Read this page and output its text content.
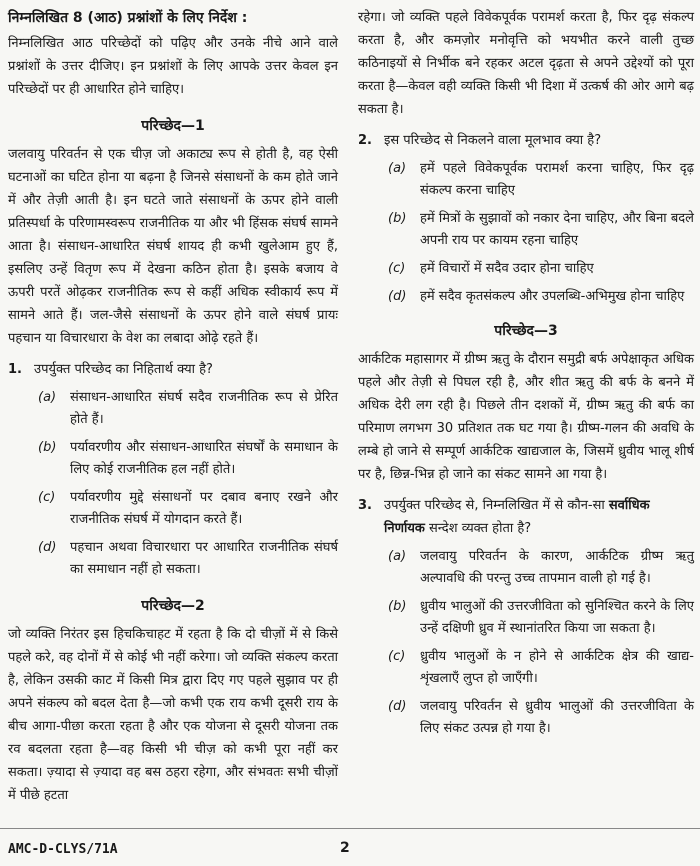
निम्नलिखित 8 (आठ) प्रश्नांशों के लिए निर्देश :

निम्नलिखित आठ परिच्छेदों को पढ़िए और उनके नीचे आने वाले प्रश्नांशों के उत्तर दीजिए। इन प्रश्नांशों के लिए आपके उत्तर केवल इन परिच्छेदों पर ही आधारित होने चाहिए।

परिच्छेद—1

जलवायु परिवर्तन से एक चीज़ जो अकाट्य रूप से होती है, वह ऐसी घटनाओं का घटित होना या बढ़ना है जिनसे संसाधनों के कम होते जाने में और तेज़ी आती है। इन घटते जाते संसाधनों के ऊपर होने वाली प्रतिस्पर्धा के परिणामस्वरूप राजनीतिक या और भी हिंसक संघर्ष सामने आता है। संसाधन-आधारित संघर्ष शायद ही कभी खुलेआम हुए हैं, इसलिए उन्हें वितृण रूप में देखना कठिन होता है। इसके बजाय वे ऊपरी परतें ओढ़कर राजनीतिक रूप से कहीं अधिक स्वीकार्य रूप में सामने आते हैं। जल-जैसे संसाधनों के ऊपर होने वाले संघर्ष प्रायः पहचान या विचारधारा के वेश का लबादा ओढ़े रहते हैं।

1. उपर्युक्त परिच्छेद का निहितार्थ क्या है?
(a)	संसाधन-आधारित संघर्ष सदैव राजनीतिक रूप से प्रेरित होते हैं।
(b)	पर्यावरणीय और संसाधन-आधारित संघर्षों के समाधान के लिए कोई राजनीतिक हल नहीं होते।
(c)	पर्यावरणीय मुद्दे संसाधनों पर दबाव बनाए रखने और राजनीतिक संघर्ष में योगदान करते हैं।
(d)	पहचान अथवा विचारधारा पर आधारित राजनीतिक संघर्ष का समाधान नहीं हो सकता।

परिच्छेद—2

जो व्यक्ति निरंतर इस हिचकिचाहट में रहता है कि दो चीज़ों में से किसे पहले करे, वह दोनों में से कोई भी नहीं करेगा। जो व्यक्ति संकल्प करता है, लेकिन उसकी काट में किसी मित्र द्वारा दिए गए पहले सुझाव पर ही अपने संकल्प को बदल देता है—जो कभी एक राय कभी दूसरी राय के बीच आगा-पीछा करता रहता है और एक योजना से दूसरी योजना तक रव बदलता रहता है—वह किसी भी चीज़ को कभी पूरा नहीं कर सकता। ज़्यादा से ज़्यादा वह बस ठहरा रहेगा, और संभवतः सभी चीज़ों में पीछे हटता

रहेगा। जो व्यक्ति पहले विवेकपूर्वक परामर्श करता है, फिर दृढ़ संकल्प करता है, और कमज़ोर मनोवृत्ति को भयभीत करने वाली तुच्छ कठिनाइयों से निर्भीक बने रहकर अटल दृढ़ता से अपने उद्देश्यों को पूरा करता है—केवल वही व्यक्ति किसी भी दिशा में उत्कर्ष की ओर आगे बढ़ सकता है।

2. इस परिच्छेद से निकलने वाला मूलभाव क्या है?
(a)	हमें पहले विवेकपूर्वक परामर्श करना चाहिए, फिर दृढ़ संकल्प करना चाहिए
(b)	हमें मित्रों के सुझावों को नकार देना चाहिए, और बिना बदले अपनी राय पर कायम रहना चाहिए
(c)	हमें विचारों में सदैव उदार होना चाहिए
(d)	हमें सदैव कृतसंकल्प और उपलब्धि-अभिमुख होना चाहिए

परिच्छेद—3

आर्कटिक महासागर में ग्रीष्म ऋतु के दौरान समुद्री बर्फ अपेक्षाकृत अधिक पहले और तेज़ी से पिघल रही है, और शीत ऋतु की बर्फ के बनने में अधिक देरी लग रही है। पिछले तीन दशकों में, ग्रीष्म ऋतु की बर्फ का परिमाण लगभग 30 प्रतिशत तक घट गया है। ग्रीष्म-गलन की अवधि के लम्बे हो जाने से सम्पूर्ण आर्कटिक खाद्यजाल के, जिसमें ध्रुवीय भालू शीर्ष पर है, छिन्न-भिन्न हो जाने का संकट सामने आ गया है।

3. उपर्युक्त परिच्छेद से, निम्नलिखित में से कौन-सा सर्वाधिक निर्णायक सन्देश व्यक्त होता है?
(a)	जलवायु परिवर्तन के कारण, आर्कटिक ग्रीष्म ऋतु अल्पावधि की परन्तु उच्च तापमान वाली हो गई है।
(b)	ध्रुवीय भालुओं की उत्तरजीविता को सुनिश्चित करने के लिए उन्हें दक्षिणी ध्रुव में स्थानांतरित किया जा सकता है।
(c)	ध्रुवीय भालुओं के न होने से आर्कटिक क्षेत्र की खाद्य-शृंखलाएँ लुप्त हो जाएँगी।
(d)	जलवायु परिवर्तन से ध्रुवीय भालुओं की उत्तरजीविता के लिए संकट उत्पन्न हो गया है।
AMC-D-CLYS/71A	2
